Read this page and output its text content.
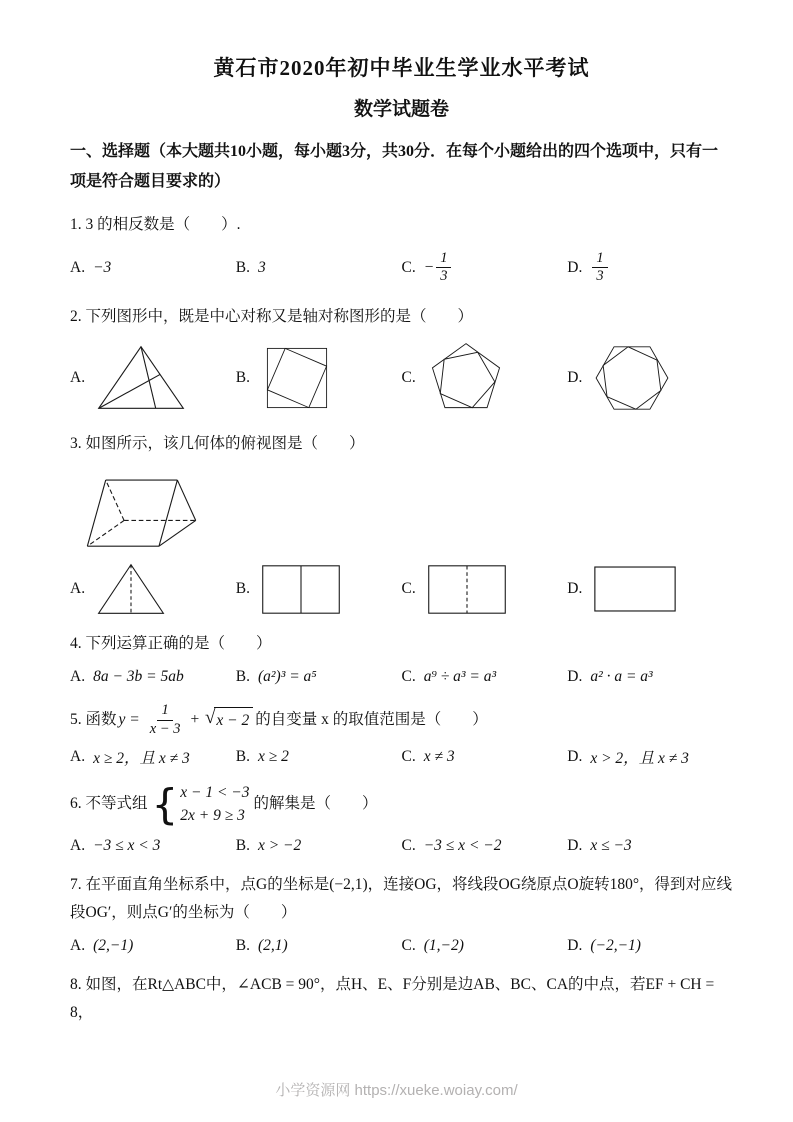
黄石市2020年初中毕业生学业水平考试
数学试题卷

一、选择题（本大题共10小题，每小题3分，共30分．在每个小题给出的四个选项中，只有一项是符合题目要求的）

1. 3 的相反数是（　　）.

A. −3	B. 3	C. − $\frac{1}{3}$	D. $\frac{1}{3}$

2. 下列图形中，既是中心对称又是轴对称图形的是（　　）

A.	B.	C.	D.

3. 如图所示，该几何体的俯视图是（　　）

A.	B.	C.	D.

4. 下列运算正确的是（　　）

A. 8a − 3b = 5ab	B. (a²)³ = a⁵	C. a⁹ ÷ a³ = a³	D. a² · a = a³
5. 函数 $y = \frac{1}{x - 3}$ + √ x − 2 的自变量 x 的取值范围是（　　）
A. x ≥ 2，且 x ≠ 3	B. x ≥ 2	C. x ≠ 3	D. x > 2，且 x ≠ 3
6. 不等式组 { x − 1 < −3
2x + 9 ≥ 3
的解集是（　　）
A. −3 ≤ x < 3	B. x > −2	C. −3 ≤ x < −2	D. x ≤ −3

7. 在平面直角坐标系中，点G的坐标是(−2,1)，连接OG，将线段OG绕原点O旋转180°，得到对应线段OG′，则点G′的坐标为（　　）

A. (2,−1)	B. (2,1)	C. (1,−2)	D. (−2,−1)

8. 如图，在Rt△ABC中，∠ACB = 90°，点H、E、F分别是边AB、BC、CA的中点，若EF + CH = 8，

小学资源网 https://xueke.woiay.com/
